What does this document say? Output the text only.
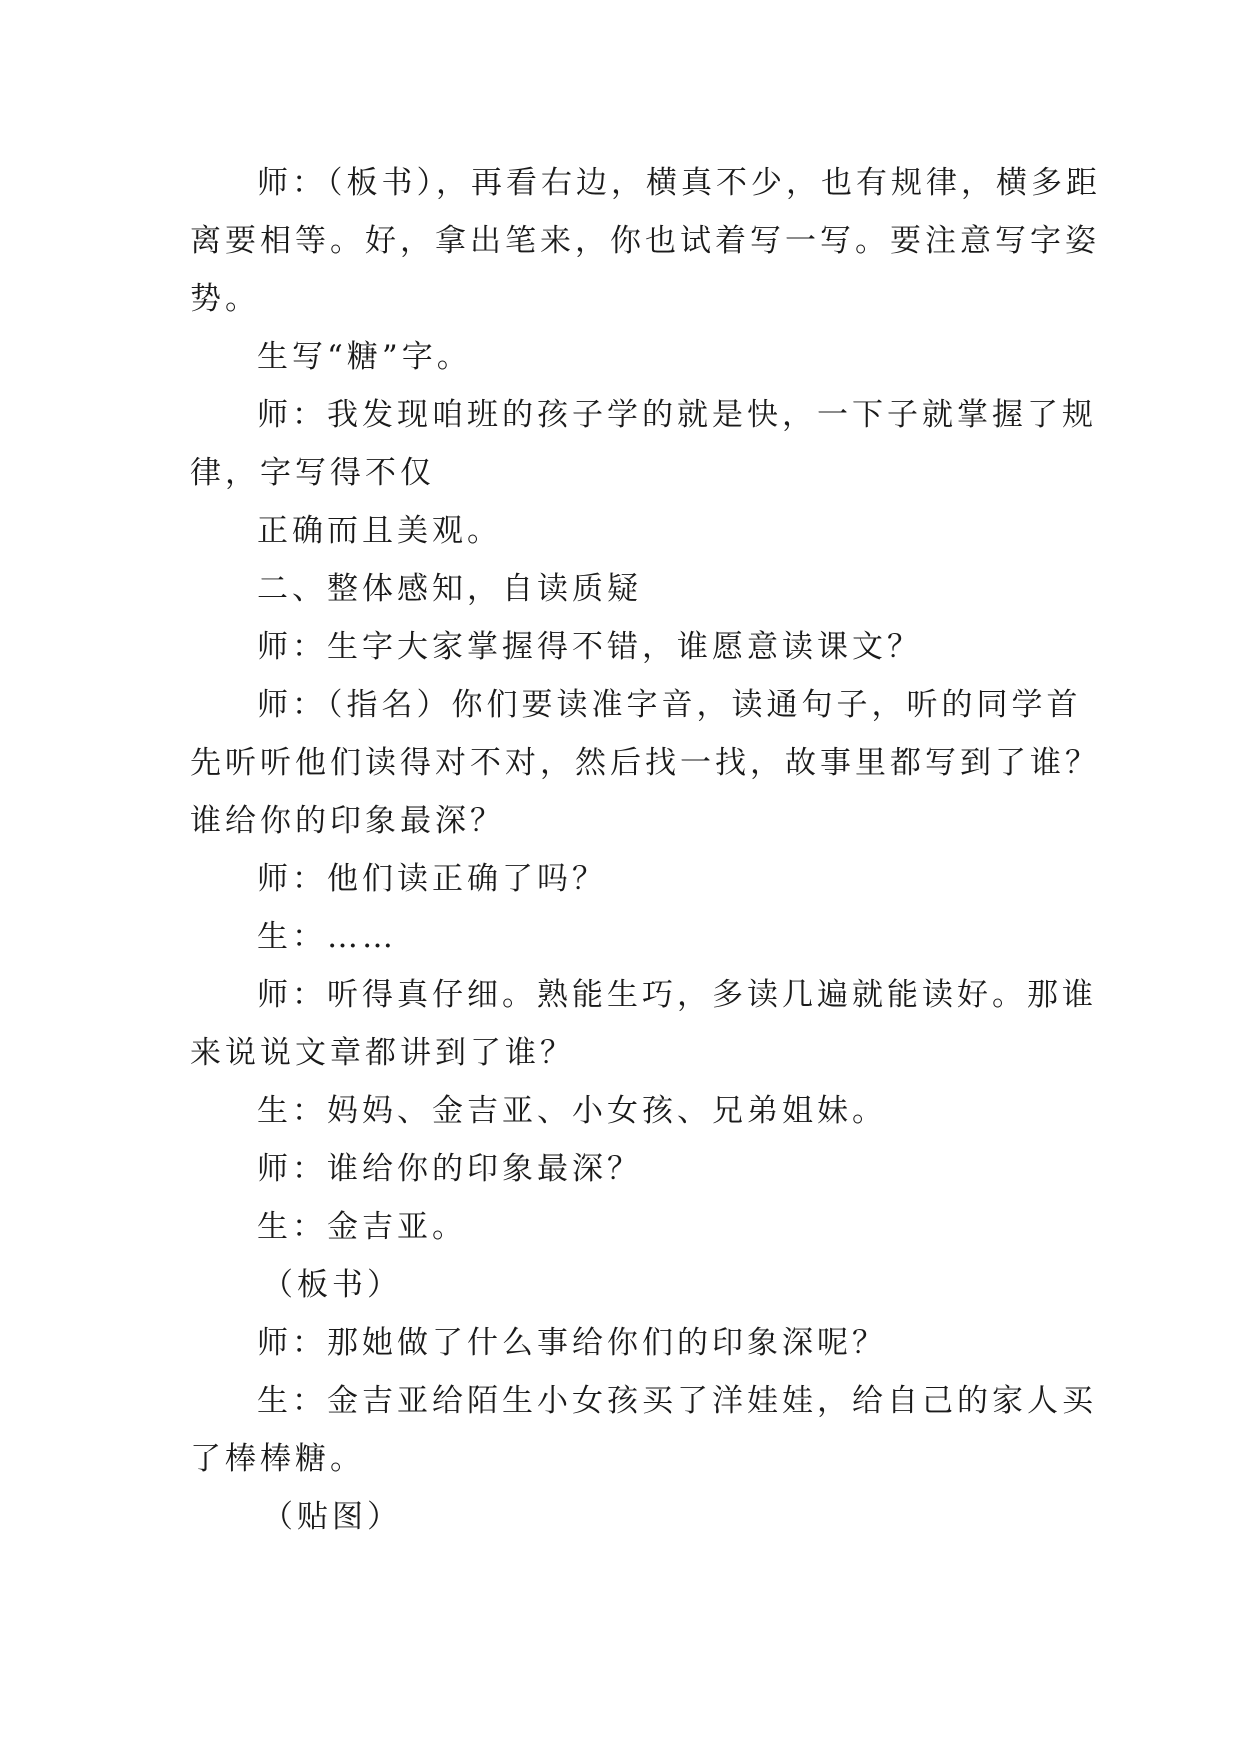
师：（板书），再看右边，横真不少，也有规律，横多距
离要相等。好，拿出笔来，你也试着写一写。要注意写字姿
势。
生写“糖”字。
师：我发现咱班的孩子学的就是快，一下子就掌握了规
律，字写得不仅
正确而且美观。
二、整体感知，自读质疑
师：生字大家掌握得不错，谁愿意读课文？
师：（指名）你们要读准字音，读通句子，听的同学首
先听听他们读得对不对，然后找一找，故事里都写到了谁？
谁给你的印象最深？
师：他们读正确了吗？
生：……
师：听得真仔细。熟能生巧，多读几遍就能读好。那谁
来说说文章都讲到了谁？
生：妈妈、金吉亚、小女孩、兄弟姐妹。
师：谁给你的印象最深？
生：金吉亚。
（板书）
师：那她做了什么事给你们的印象深呢？
生：金吉亚给陌生小女孩买了洋娃娃，给自己的家人买
了棒棒糖。
（贴图）
